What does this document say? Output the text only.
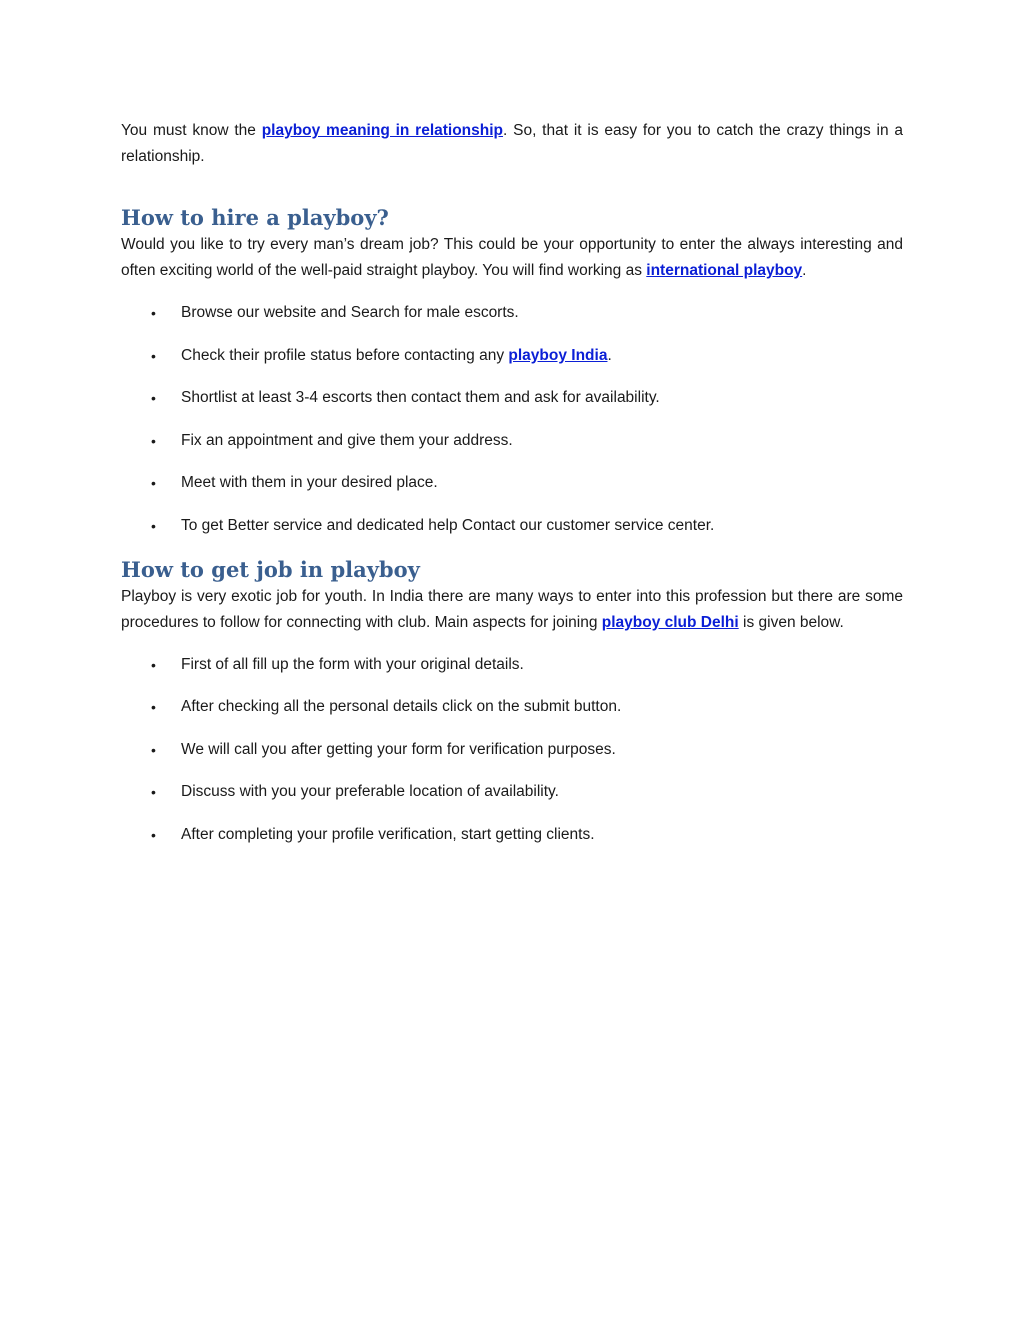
You must know the playboy meaning in relationship. So, that it is easy for you to catch the crazy things in a relationship.

How to hire a playboy?

Would you like to try every man’s dream job? This could be your opportunity to enter the always interesting and often exciting world of the well-paid straight playboy. You will find working as international playboy.

• Browse our website and Search for male escorts.
• Check their profile status before contacting any playboy India.
• Shortlist at least 3-4 escorts then contact them and ask for availability.
• Fix an appointment and give them your address.
• Meet with them in your desired place.
• To get Better service and dedicated help Contact our customer service center.
How to get job in playboy

Playboy is very exotic job for youth. In India there are many ways to enter into this profession but there are some procedures to follow for connecting with club. Main aspects for joining playboy club Delhi is given below.

• First of all fill up the form with your original details.
• After checking all the personal details click on the submit button.
• We will call you after getting your form for verification purposes.
• Discuss with you your preferable location of availability.
• After completing your profile verification, start getting clients.
